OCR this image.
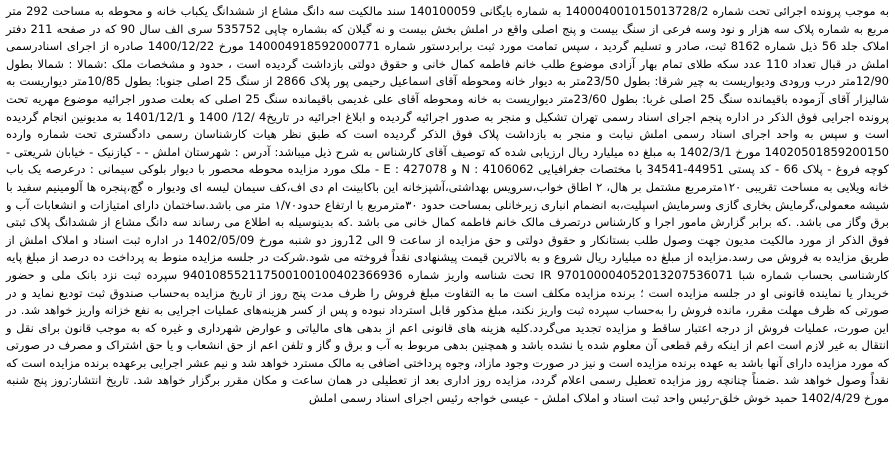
به موجب پرونده اجرائی تحت شماره 140004001015013728/2 به شماره بایگانی 140100059 سند مالکیت سه دانگ مشاع از ششدانگ یکباب خانه و محوطه به مساحت 292 متر مربع به شماره پلاک سه هزار و نود وسه فرعی از سنگ بیست و پنج اصلی واقع در املش بخش بیست و نه گیلان که بشماره چاپی 535752 سری الف سال 90 که در صفحه 211 دفتر املاک جلد 56 ذیل شماره 8162 ثبت، صادر و تسلیم گردید ، سپس تمامت مورد ثبت برابردستور شماره 140004918592000771 مورخ 1400/12/22 صادره از اجرای اسنادرسمی املش در قبال تعداد 110 عدد سکه طلای تمام بهار آزادی موضوع طلب خانم فاطمه کمال خانی و حقوق دولتی بازداشت گردیده است ، حدود و مشخصات ملک :شمالا : شمالا بطول 12/90متر درب ورودی ودیواریست به چیر شرقا: بطول 23/50متر به دیوار خانه ومحوطه آقای اسماعیل رحیمی پور پلاک 2866 از سنگ 25 اصلی جنوبا: بطول 10/85متر دیواریست به شالیزار آقای آزموده باقیمانده سنگ 25 اصلی غربا: بطول 23/60متر دیواریست به خانه ومحوطه آقای علی غدیمی باقیمانده سنگ 25 اصلی که بعلت صدور اجرائیه موضوع مهریه تحت پرونده اجرایی فوق الذکر در اداره پنجم اجرای اسناد رسمی تهران تشکیل و منجر به صدور اجرائیه گردیده و ابلاغ اجرائیه در تاریخ4 /12/ 1400 و 1401/12/1 به مدیونین انجام گردیده است و سپس به واحد اجرای اسناد رسمی املش نیابت و منجر به بازداشت پلاک فوق الذکر گردیده است که طبق نظر هیات کارشناسان رسمی دادگستری تحت شماره وارده 14020501859200150 مورخ 1402/3/1 به مبلغ ده میلیارد ریال ارزیابی شده که توصیف آقای کارشناس به شرح ذیل میباشد: آدرس : شهرستان املش - - کیازنیک - خیابان شریعتی - کوچه فروغ - پلاک 66 - کد پستی 44951-34541 با مختصات جغرافیایی N : 4106062 و E : 427078 - ملک مورد مزایده محوطه محصور با دیوار بلوکی سیمانی : درعرصه یک باب خانه ویلایی به مساحت تقریبی ۱۲۰مترمربع مشتمل بر هال، ۲ اطاق خواب،سرویس بهداشتی،آشپزخانه این باکابینت ام دی اف،کف سیمان لیسه ای ودیوار ه گچ،پنجره ها آلومینیم سفید با شیشه معمولی،گرمایش بخاری گازی وسرمایش اسپلیت،به انضمام انباری زیرخانلی بمساحت حدود ۳۰مترمربع با ارتفاع حدود۱/۷۰ متر می باشد.ساختمان دارای امتیازات و انشعابات آب و برق وگاز می باشد. .که برابر گزارش مامور اجرا و کارشناس درتصرف مالک خانم فاطمه کمال خانی می باشد .که بدینوسیله به اطلاع می رساند سه دانگ مشاع از ششدانگ پلاک ثبتی فوق الذکر از مورد مالکیت مدیون جهت وصول طلب بستانکار و حقوق دولتی و حق مزایده از ساعت 9 الی 12روز دو شنبه مورخ 1402/05/09 در اداره ثبت اسناد و املاک املش از طریق مزایده به فروش می رسد.مزایده از مبلغ ده میلیارد ریال شروع و به بالاترین قیمت پیشنهادی نقداً فروخته می شود.شرکت در جلسه مزایده منوط به پرداخت ده درصد از مبلغ پایه کارشناسی بحساب شماره شبا IR 970100004052013207536071 تحت شناسه واریز شماره 940108552117500100100402366936 سپرده ثبت نزد بانک ملی و حضور خریدار یا نماینده قانونی او در جلسه مزایده است ؛ برنده مزایده مکلف است ما به التفاوت مبلغ فروش را ظرف مدت پنج روز از تاریخ مزایده به‌حساب صندوق ثبت تودیع نماید و در صورتی که ظرف مهلت مقرر، مانده فروش را به‌حساب سپرده ثبت واریز نکند، مبلغ مذکور قابل استرداد نبوده و پس از کسر هزینه‌های عملیات اجرایی به نفع خزانه واریز خواهد شد. در این صورت، عملیات فروش از درجه اعتبار ساقط و مزایده تجدید می‌گردد.کلیه هزینه های قانونی اعم از بدهی های مالیاتی و عوارض شهرداری و غیره که به موجب قانون برای نقل و انتقال به غیر لازم است اعم از اینکه رقم قطعی آن معلوم شده یا نشده باشد و همچنین بدهی مربوط به آب و برق و گاز و تلفن اعم از حق انشعاب و یا حق اشتراک و مصرف در صورتی که مورد مزایده دارای آنها باشد به عهده برنده مزایده است و نیز در صورت وجود مازاد، وجوه پرداختی اضافی به مالک مسترد خواهد شد و نیم عشر اجرایی برعهده برنده مزایده است که نقداً وصول خواهد شد .ضمناً چنانچه روز مزایده تعطیل رسمی اعلام گردد، مزایده روز اداری بعد از تعطیلی در همان ساعت و مکان مقرر برگزار خواهد شد. تاریخ انتشار:روز پنج شنبه مورخ 1402/4/29 حمید خوش خلق-رئیس واحد ثبت اسناد و املاک املش - عیسی خواجه رئیس اجرای اسناد رسمی املش
